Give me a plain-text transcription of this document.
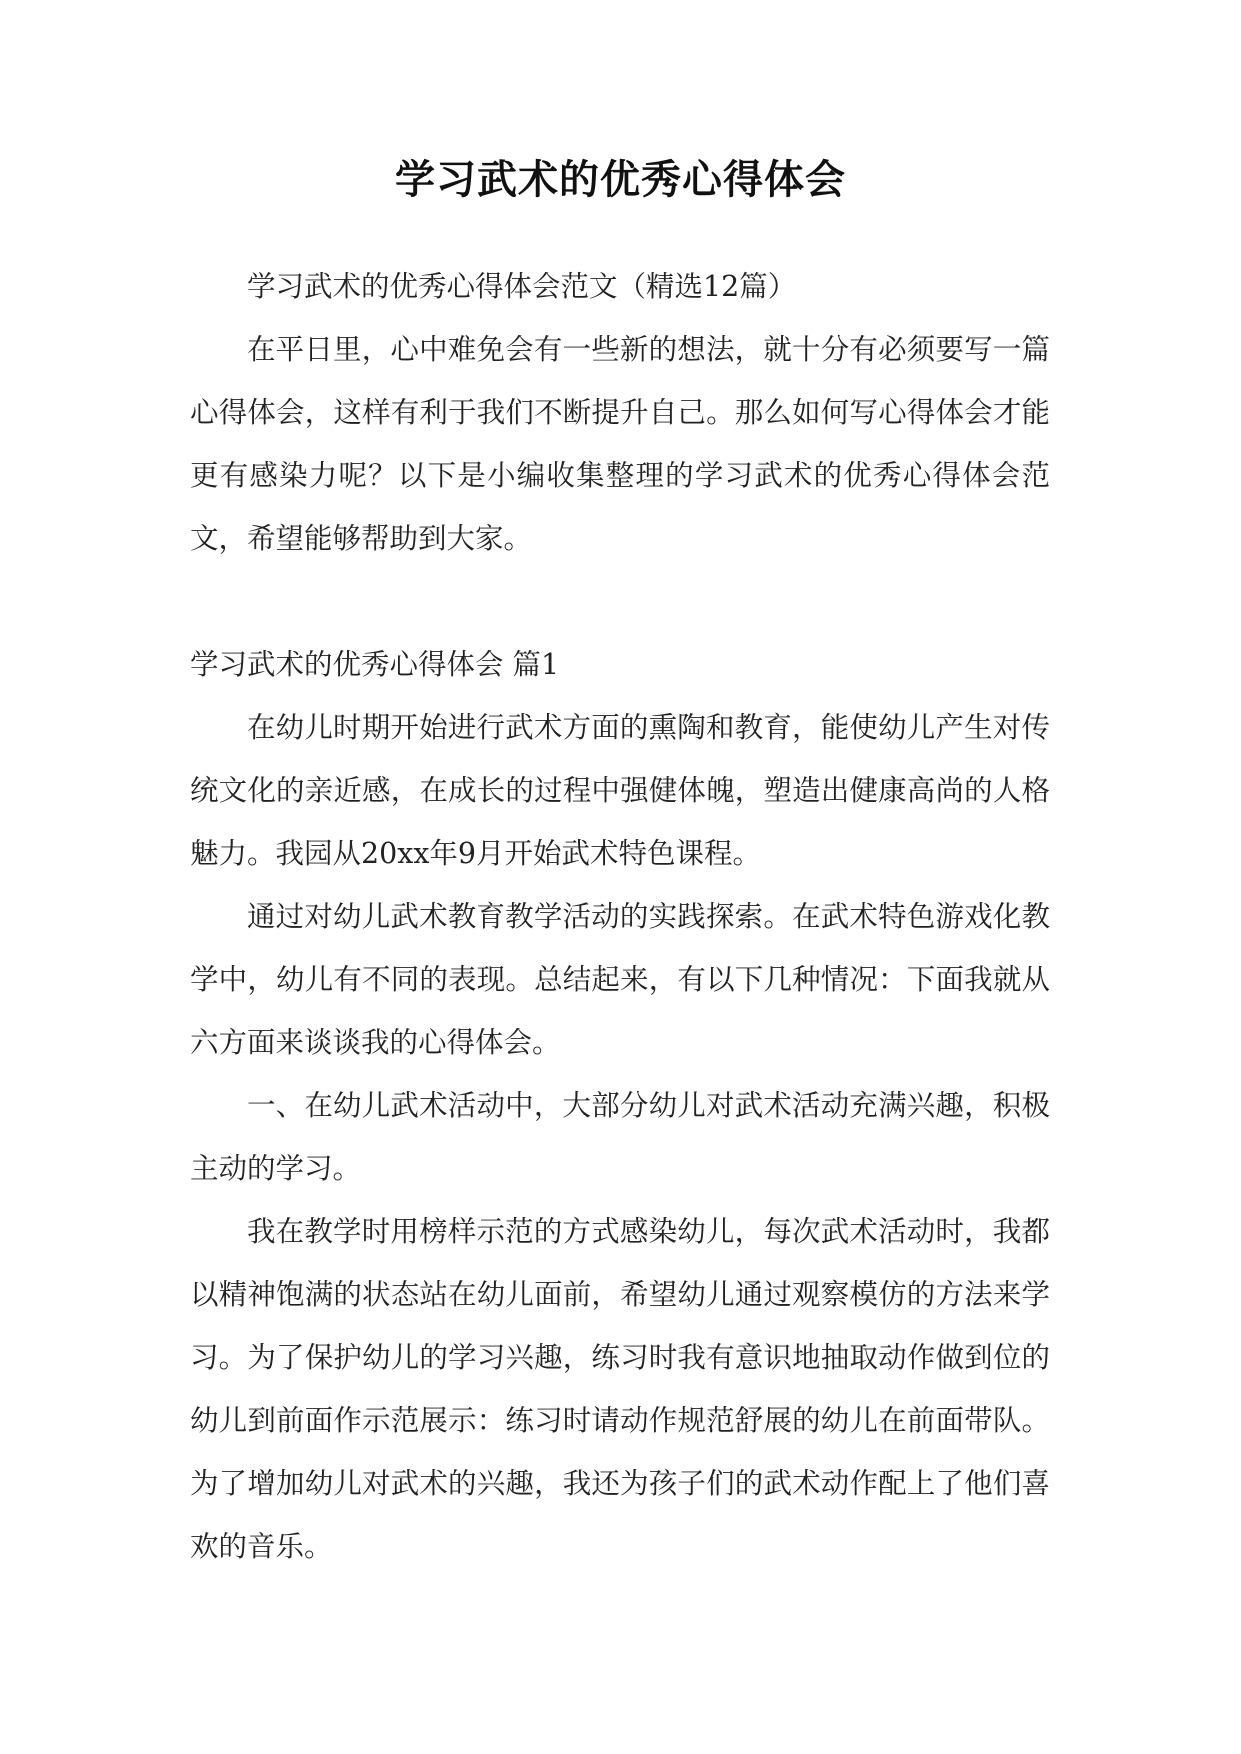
学习武术的优秀心得体会

学习武术的优秀心得体会范文（精选12篇）

在平日里，心中难免会有一些新的想法，就十分有必须要写一篇心得体会，这样有利于我们不断提升自己。那么如何写心得体会才能更有感染力呢？以下是小编收集整理的学习武术的优秀心得体会范文，希望能够帮助到大家。

学习武术的优秀心得体会 篇1

在幼儿时期开始进行武术方面的熏陶和教育，能使幼儿产生对传统文化的亲近感，在成长的过程中强健体魄，塑造出健康高尚的人格魅力。我园从20xx年9月开始武术特色课程。

通过对幼儿武术教育教学活动的实践探索。在武术特色游戏化教学中，幼儿有不同的表现。总结起来，有以下几种情况：下面我就从六方面来谈谈我的心得体会。

一、在幼儿武术活动中，大部分幼儿对武术活动充满兴趣，积极主动的学习。

我在教学时用榜样示范的方式感染幼儿，每次武术活动时，我都以精神饱满的状态站在幼儿面前，希望幼儿通过观察模仿的方法来学习。为了保护幼儿的学习兴趣，练习时我有意识地抽取动作做到位的幼儿到前面作示范展示：练习时请动作规范舒展的幼儿在前面带队。为了增加幼儿对武术的兴趣，我还为孩子们的武术动作配上了他们喜欢的音乐。
